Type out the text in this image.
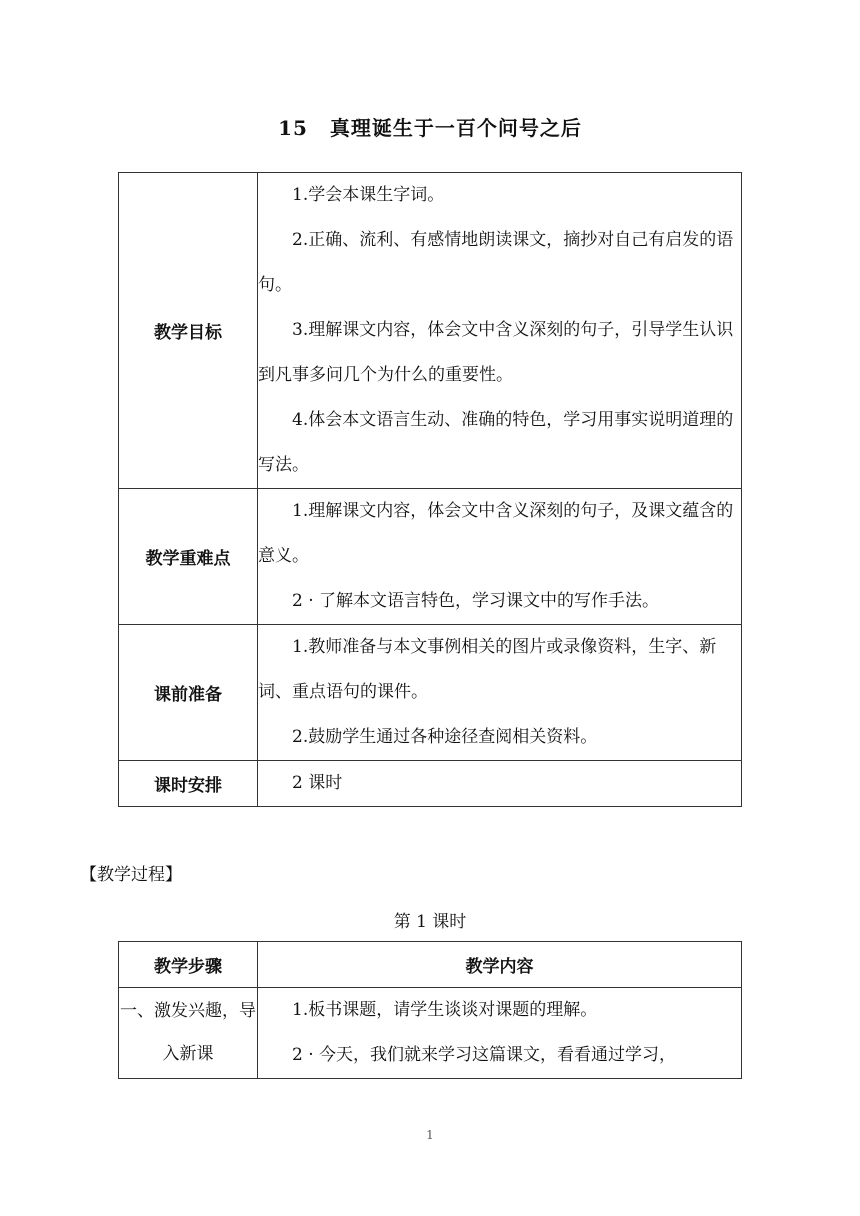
15 真理诞生于一百个问号之后
教学目标	1.学会本课生字词。

2.正确、流利、有感情地朗读课文，摘抄对自己有启发的语句。

3.理解课文内容，体会文中含义深刻的句子，引导学生认识到凡事多问几个为什么的重要性。

4.体会本文语言生动、准确的特色，学习用事实说明道理的写法。

教学重难点	1.理解课文内容，体会文中含义深刻的句子，及课文蕴含的意义。

2 · 了解本文语言特色，学习课文中的写作手法。

课前准备	1.教师准备与本文事例相关的图片或录像资料，生字、新词、重点语句的课件。

2.鼓励学生通过各种途径查阅相关资料。

课时安排	2 课时

【教学过程】
第 1 课时
教学步骤	教学内容
一、激发兴趣，导入新课	1.板书课题，请学生谈谈对课题的理解。

2 · 今天，我们就来学习这篇课文，看看通过学习，

1
